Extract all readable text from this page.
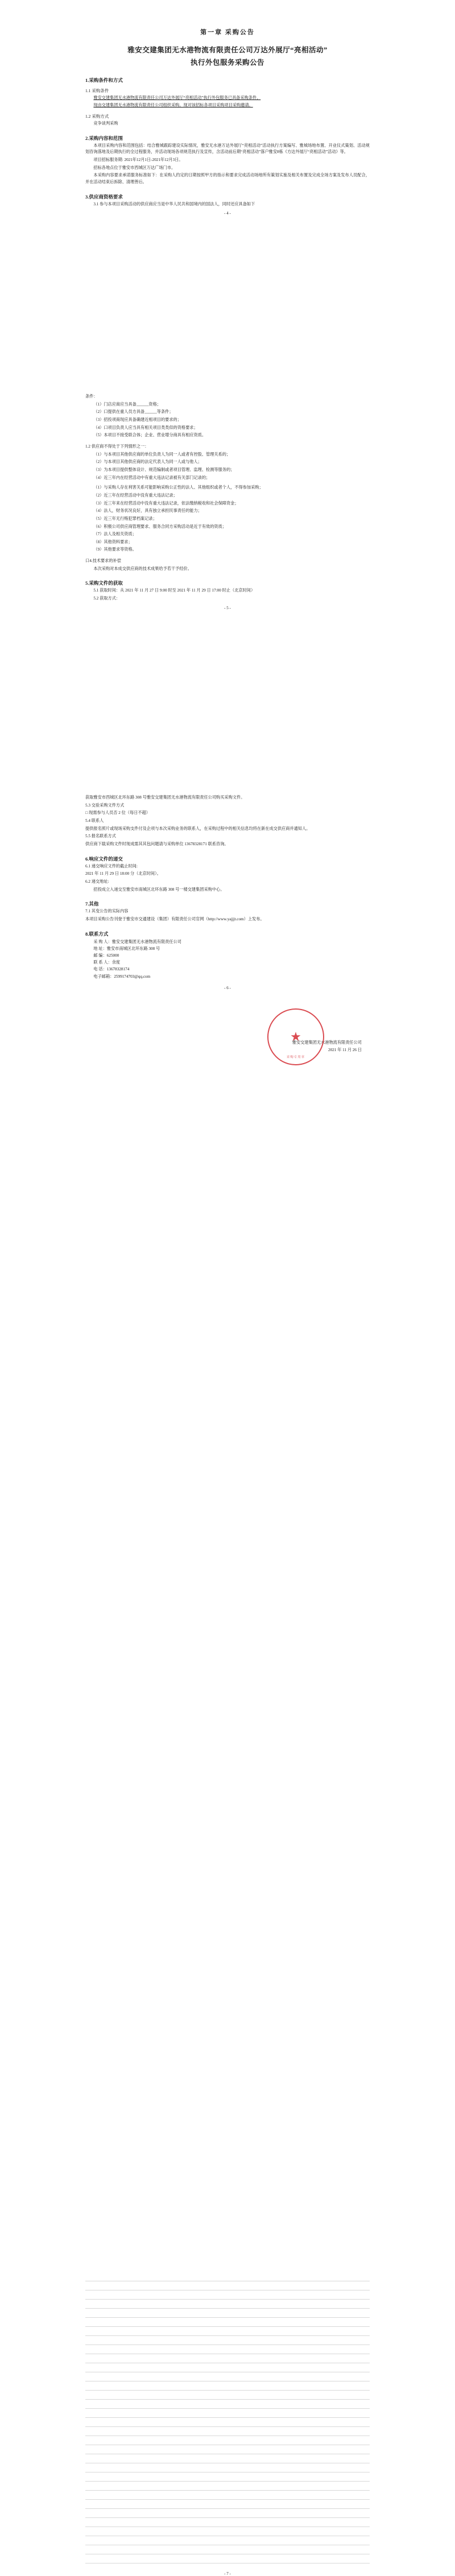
第一章 采购公告
雅安交建集团无水港物流有限责任公司万达外展厅“亮相活动”
执行外包服务采购公告
1.采购条件和方式
1.1 采购条件
雅安交建集团无水港物流有限责任公司万达外展厅“亮相活动”执行外包服务已具备采购条件，
现由交建集团无水港物流有限责任公司组织采购。现对该招标各项目采购项目采购邀请。
1.2 采购方式
竞争谈判采购
2.采购内容和范围
本项目采购内容和范围包括：结合雅城跟踪建设实际情况，雅安无水港万达外展厅“亮相活动”活动执行方案编写、雅城场地布置、开业仪式策划、活动规划咨询落地及后期执行的全过程服务，并活动现场各项规范执行及宣传，含活动前后期“亮相活动”落户雅安8栋《方达外展厅“亮相活动”活动》等。
项目招标服务期: 2021年12月1日-2021年12月3日。
招标各地点位于雅安市西城区万达广场门市。
本采购内容要求承诺服务标准如下：在采购人约定的日期按照甲方的指示和要求完成活动场地所有策划实施及相关布置及完成全场方案及发布人员配合，并在活动结束后拆除、清理善后。
3.供应商资格要求
3.1 参与本项目采购活动的供应商应当是中华人民共和国境内的国法人，同时还应具备如下
- 4 -
条件：
（1）门店应商应当具备______资格；
（2）口提供在重人员方具备______等条件；
（3）招投项商现应具备确建近相项目的要求的；
（4）口项目负责人应当具有相关项目类类似的资格要求；
（5）本项目不接受联合体；企业、营业增分商具有相应资质。
1.2 供应商不得处于下列情形之一：
（1）与本项目其他供应商的单位负责人为同一人或者有控股、管理关系的；
（2）与本项目其他供应商的法定代表人为同一人或与他人；
（3）为本项目提供整体设计、规范编制或者项目管理、监理、检测等服务的；
（4）近三年内在经营活动中有重大违法记录被有关部门记录的；
（1）与采购人存在利害关系可能影响采购公正性的法人、其他组织或者个人，不得参加采购；
（2）近三年在经营活动中没有重大违法记录；
（3）近三年来在经营活动中没有重大违法记录，依法缴纳税收和社会保障资金；
（4）法人，财务状况良好，具有独立承担民事责任的能力；
（5）近三年无行贿犯罪档案记录；
（6）积极公司供应商管理要求、服务合同方采购活动是近于有效的资质；
（7）法人及相关资质；
（8）其他资料要求；
（9）其他要求等资格。
口4.技术要求的补偿
本次采购对本成交供应商的技术成果给予若干予经价。
5.采购文件的获取
5.1 获取时间：从 2021 年 11 月 27 日 9:00 时至 2021 年 11 月 29 日 17:00 时止（北京时间）
5.2 获取方式：
- 5 -
获取雅安市西城区北环东路 308 号雅安交建集团无水港物流有限责任公司购买采购文件。
5.3 交验采购文件方式
□ 现需参与人员否 2 位（每日不超）
5.4 联系人
提供报名照片或现场采购支件付及企项与本次采购业务的联系人，在采购过程中的相关信息均将在新在成交供应商并通知人。
5.5 报名联系方式
供应商下载采购文件时现成需其其包问题请与采购单位 13678328171 联系咨询。
6.响应文件的递交
6.1 递交响应文件的截止时间:
2021 年 11 月 29 日 18:00 分（北京时间）。
6.2 递交地址:
招投成立入递交至雅安市南城区北环东路 308 号一楼交建集团采购中心。
7.其他
7.1 其变公告的实际内容
本项目采购公告刊登于雅安市交通建设（集团）有限责任公司官网（http://www.yajjjt.com）上发布。
8.联系方式
采 购 人：雅安交建集团无水港物流有限责任公司
地 址：雅安市南城区北环东路 308 号
邮 编：625000
联 系 人：余度
电 话：13678328174
电子邮箱：2599174703@qq.com
- 6 -
★
采购专用章
雅安交建集团无水港物流有限责任公司
2021 年 11 月 26 日
- 7 -
